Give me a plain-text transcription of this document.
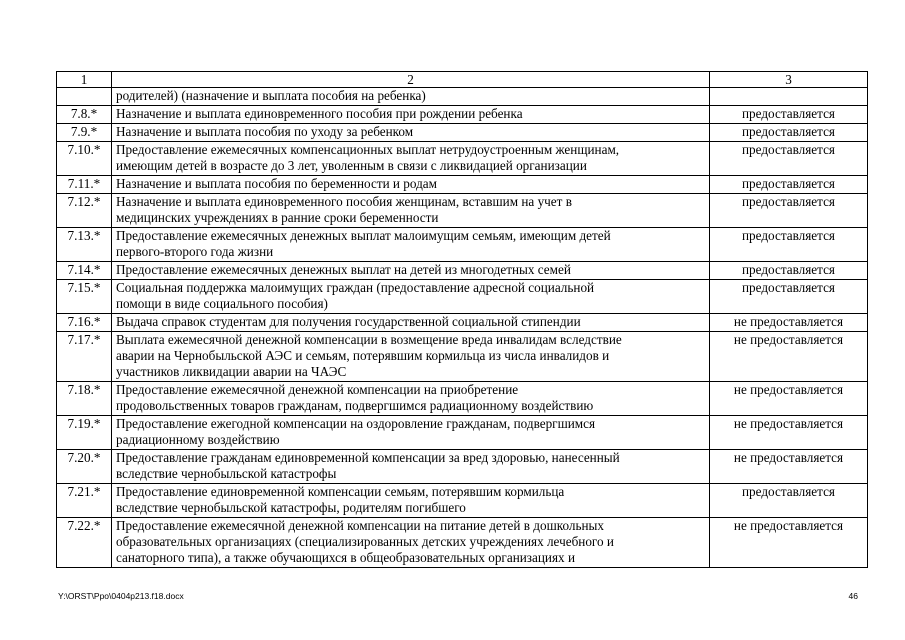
1	2	3

	родителей) (назначение и выплата пособия на ребенка)	

7.8.*	Назначение и выплата единовременного пособия при рождении ребенка	предоставляется
7.9.*	Назначение и выплата пособия по уходу за ребенком	предоставляется
7.10.*	Предоставление ежемесячных компенсационных выплат нетрудоустроенным женщинам,
имеющим детей в возрасте до 3 лет, уволенным в связи с ликвидацией организации	предоставляется
7.11.*	Назначение и выплата пособия по беременности и родам	предоставляется
7.12.*	Назначение и выплата единовременного пособия женщинам, вставшим на учет в
медицинских учреждениях в ранние сроки беременности	предоставляется
7.13.*	Предоставление ежемесячных денежных выплат малоимущим семьям, имеющим детей
первого-второго года жизни	предоставляется
7.14.*	Предоставление ежемесячных денежных выплат на детей из многодетных семей	предоставляется
7.15.*	Социальная поддержка малоимущих граждан (предоставление адресной социальной
помощи в виде социального пособия)	предоставляется
7.16.*	Выдача справок студентам для получения государственной социальной стипендии	не предоставляется
7.17.*	Выплата ежемесячной денежной компенсации в возмещение вреда инвалидам вследствие
аварии на Чернобыльской АЭС и семьям, потерявшим кормильца из числа инвалидов и
участников ликвидации аварии на ЧАЭС	не предоставляется
7.18.*	Предоставление ежемесячной денежной компенсации на приобретение
продовольственных товаров гражданам, подвергшимся радиационному воздействию	не предоставляется
7.19.*	Предоставление ежегодной компенсации на оздоровление гражданам, подвергшимся
радиационному воздействию	не предоставляется
7.20.*	Предоставление гражданам единовременной компенсации за вред здоровью, нанесенный
вследствие чернобыльской катастрофы	не предоставляется
7.21.*	Предоставление единовременной компенсации семьям, потерявшим кормильца
вследствие чернобыльской катастрофы, родителям погибшего	предоставляется
7.22.*	Предоставление ежемесячной денежной компенсации на питание детей в дошкольных
образовательных организациях (специализированных детских учреждениях лечебного и
санаторного типа), а также обучающихся в общеобразовательных организациях и	не предоставляется
Y:\ORST\Ppo\0404p213.f18.docx	46
